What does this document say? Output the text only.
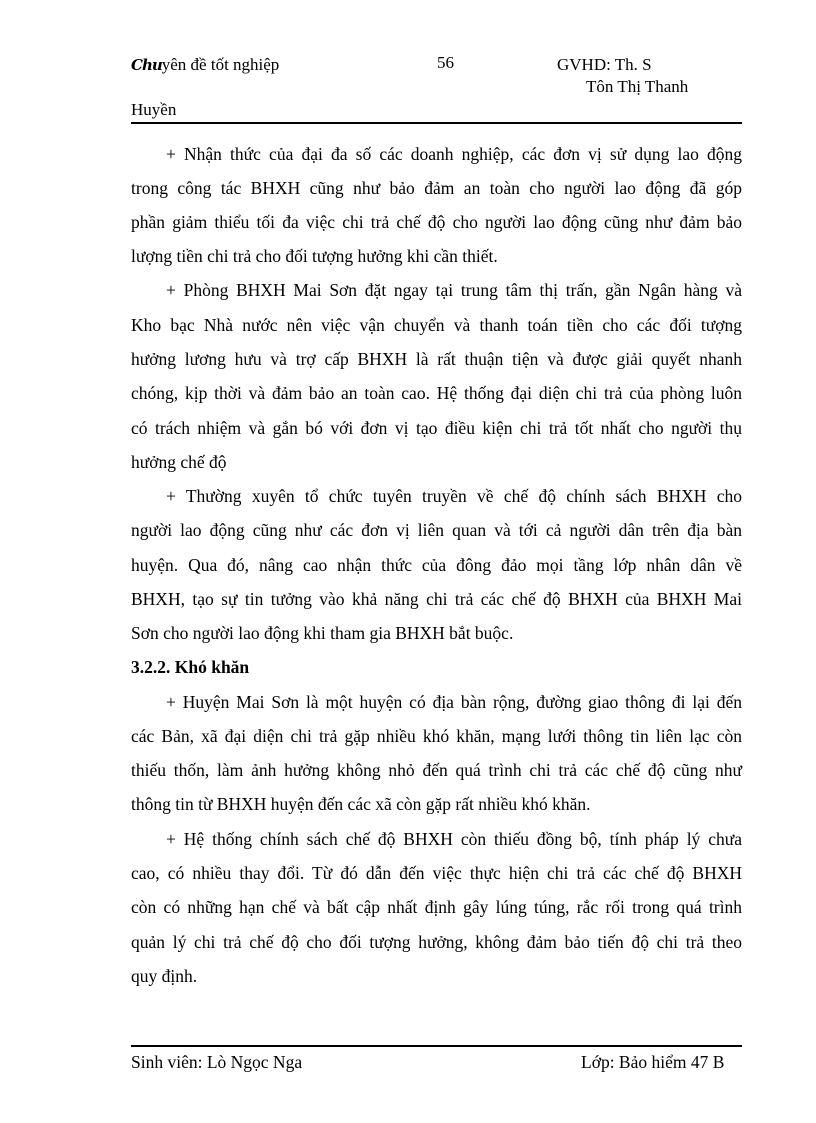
Chuyên đề tốt nghiệp	56	GVHD: Th. S
Tôn Thị Thanh
Huyền
+ Nhận thức của đại đa số các doanh nghiệp, các đơn vị sử dụng lao động
trong công tác BHXH cũng như bảo đảm an toàn cho người lao động đã góp
phần giảm thiểu tối đa việc chi trả chế độ cho người lao động cũng như đảm bảo
lượng tiền chi trả cho đối tượng hưởng khi cần thiết.
+ Phòng BHXH Mai Sơn đặt ngay tại trung tâm thị trấn, gần Ngân hàng và
Kho bạc Nhà nước nên việc vận chuyển và thanh toán tiền cho các đối tượng
hưởng lương hưu và trợ cấp BHXH là rất thuận tiện và được giải quyết nhanh
chóng, kịp thời và đảm bảo an toàn cao. Hệ thống đại diện chi trả của phòng luôn
có trách nhiệm và gắn bó với đơn vị tạo điều kiện chi trả tốt nhất cho người thụ
hưởng chế độ
+ Thường xuyên tổ chức tuyên truyền về chế độ chính sách BHXH cho
người lao động cũng như các đơn vị liên quan và tới cả người dân trên địa bàn
huyện. Qua đó, nâng cao nhận thức của đông đảo mọi tầng lớp nhân dân về
BHXH, tạo sự tin tưởng vào khả năng chi trả các chế độ BHXH của BHXH Mai
Sơn cho người lao động khi tham gia BHXH bắt buộc.
3.2.2. Khó khăn
+ Huyện Mai Sơn là một huyện có địa bàn rộng, đường giao thông đi lại đến
các Bản, xã đại diện chi trả gặp nhiều khó khăn, mạng lưới thông tin liên lạc còn
thiếu thốn, làm ảnh hưởng không nhỏ đến quá trình chi trả các chế độ cũng như
thông tin từ BHXH huyện đến các xã còn gặp rất nhiều khó khăn.
+ Hệ thống chính sách chế độ BHXH còn thiếu đồng bộ, tính pháp lý chưa
cao, có nhiều thay đổi. Từ đó dẫn đến việc thực hiện chi trả các chế độ BHXH
còn có những hạn chế và bất cập nhất định gây lúng túng, rắc rối trong quá trình
quản lý chi trả chế độ cho đối tượng hưởng, không đảm bảo tiến độ chi trả theo
quy định.
Sinh viên: Lò Ngọc Nga	Lớp: Bảo hiểm 47 B
